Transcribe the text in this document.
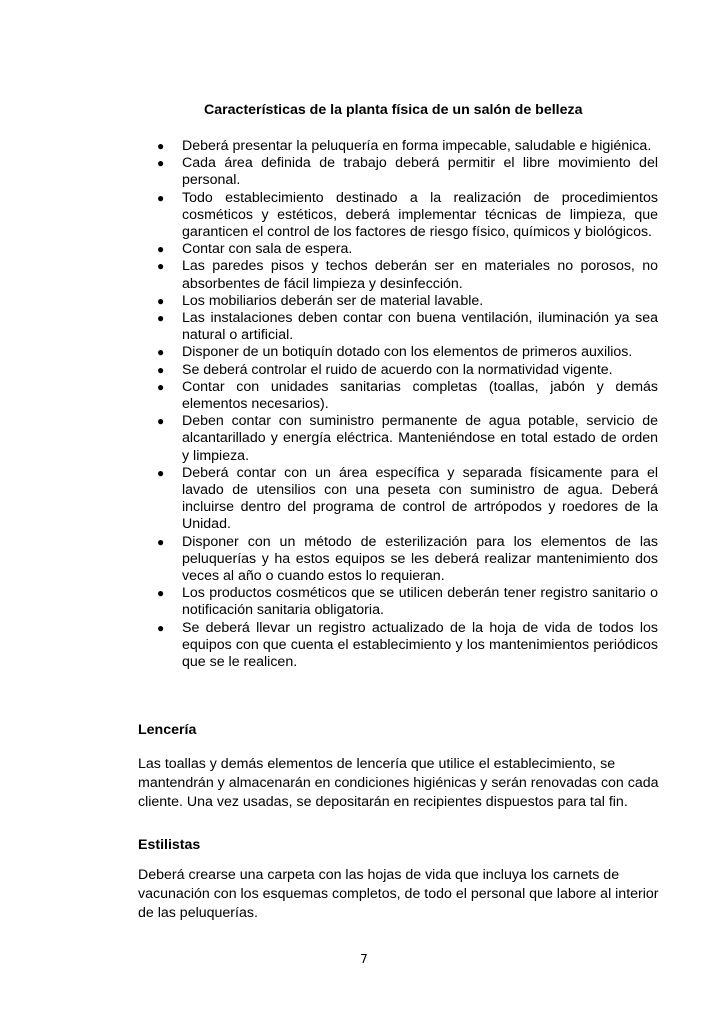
Características de la planta física de un salón de belleza
● Deberá presentar la peluquería en forma impecable, saludable e higiénica.
● Cada área definida de trabajo deberá permitir el libre movimiento del personal.
● Todo establecimiento destinado a la realización de procedimientos cosméticos y estéticos, deberá implementar técnicas de limpieza, que garanticen el control de los factores de riesgo físico, químicos y biológicos.
● Contar con sala de espera.
● Las paredes pisos y techos deberán ser en materiales no porosos, no absorbentes de fácil limpieza y desinfección.
● Los mobiliarios deberán ser de material lavable.
● Las instalaciones deben contar con buena ventilación, iluminación ya sea natural o artificial.
● Disponer de un botiquín dotado con los elementos de primeros auxilios.
● Se deberá controlar el ruido de acuerdo con la normatividad vigente.
● Contar con unidades sanitarias completas (toallas, jabón y demás elementos necesarios).
● Deben contar con suministro permanente de agua potable, servicio de alcantarillado y energía eléctrica. Manteniéndose en total estado de orden y limpieza.
● Deberá contar con un área específica y separada físicamente para el lavado de utensilios con una peseta con suministro de agua. Deberá incluirse dentro del programa de control de artrópodos y roedores de la Unidad.
● Disponer con un método de esterilización para los elementos de las peluquerías y ha estos equipos se les deberá realizar mantenimiento dos veces al año o cuando estos lo requieran.
● Los productos cosméticos que se utilicen deberán tener registro sanitario o notificación sanitaria obligatoria.
● Se deberá llevar un registro actualizado de la hoja de vida de todos los equipos con que cuenta el establecimiento y los mantenimientos periódicos que se le realicen.
Lencería
Las toallas y demás elementos de lencería que utilice el establecimiento, se mantendrán y almacenarán en condiciones higiénicas y serán renovadas con cada cliente. Una vez usadas, se depositarán en recipientes dispuestos para tal fin.
Estilistas
Deberá crearse una carpeta con las hojas de vida que incluya los carnets de vacunación con los esquemas completos, de todo el personal que labore al interior de las peluquerías.
7
